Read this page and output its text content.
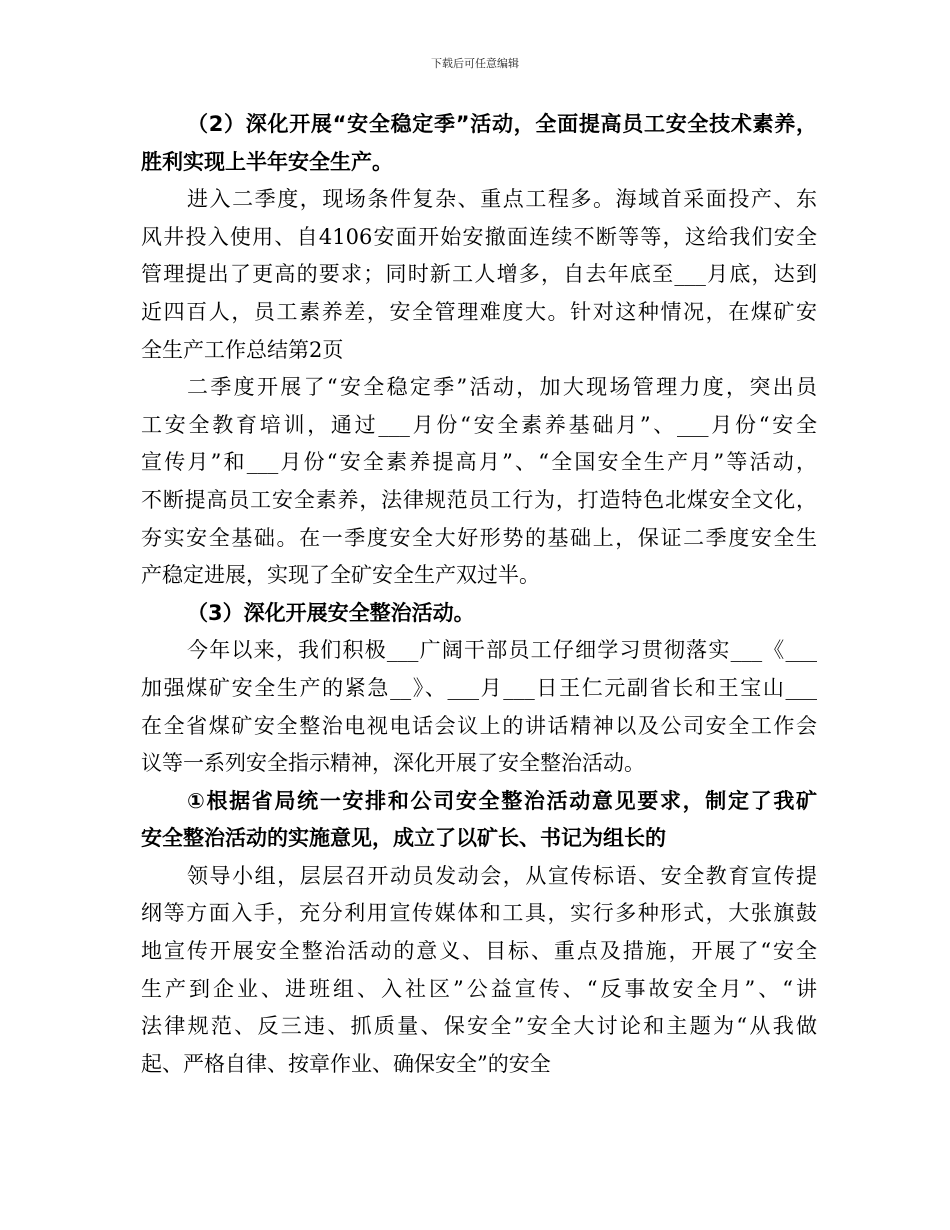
下载后可任意编辑
（2）深化开展“安全稳定季”活动，全面提高员工安全技术素养，
胜利实现上半年安全生产。
进入二季度，现场条件复杂、重点工程多。海域首采面投产、东
风井投入使用、自4106安面开始安撤面连续不断等等，这给我们安全
管理提出了更高的要求；同时新工人增多，自去年底至___月底，达到
近四百人，员工素养差，安全管理难度大。针对这种情况，在煤矿安
全生产工作总结第2页
二季度开展了“安全稳定季”活动，加大现场管理力度，突出员
工安全教育培训，通过___月份“安全素养基础月”、___月份“安全
宣传月”和___月份“安全素养提高月”、“全国安全生产月”等活动，
不断提高员工安全素养，法律规范员工行为，打造特色北煤安全文化，
夯实安全基础。在一季度安全大好形势的基础上，保证二季度安全生
产稳定进展，实现了全矿安全生产双过半。
（3）深化开展安全整治活动。
今年以来，我们积极___广阔干部员工仔细学习贯彻落实___《___
加强煤矿安全生产的紧急__》、___月___日王仁元副省长和王宝山___
在全省煤矿安全整治电视电话会议上的讲话精神以及公司安全工作会
议等一系列安全指示精神，深化开展了安全整治活动。
①根据省局统一安排和公司安全整治活动意见要求，制定了我矿
安全整治活动的实施意见，成立了以矿长、书记为组长的
领导小组，层层召开动员发动会，从宣传标语、安全教育宣传提
纲等方面入手，充分利用宣传媒体和工具，实行多种形式，大张旗鼓
地宣传开展安全整治活动的意义、目标、重点及措施，开展了“安全
生产到企业、进班组、入社区”公益宣传、“反事故安全月”、“讲
法律规范、反三违、抓质量、保安全”安全大讨论和主题为“从我做
起、严格自律、按章作业、确保安全”的安全
